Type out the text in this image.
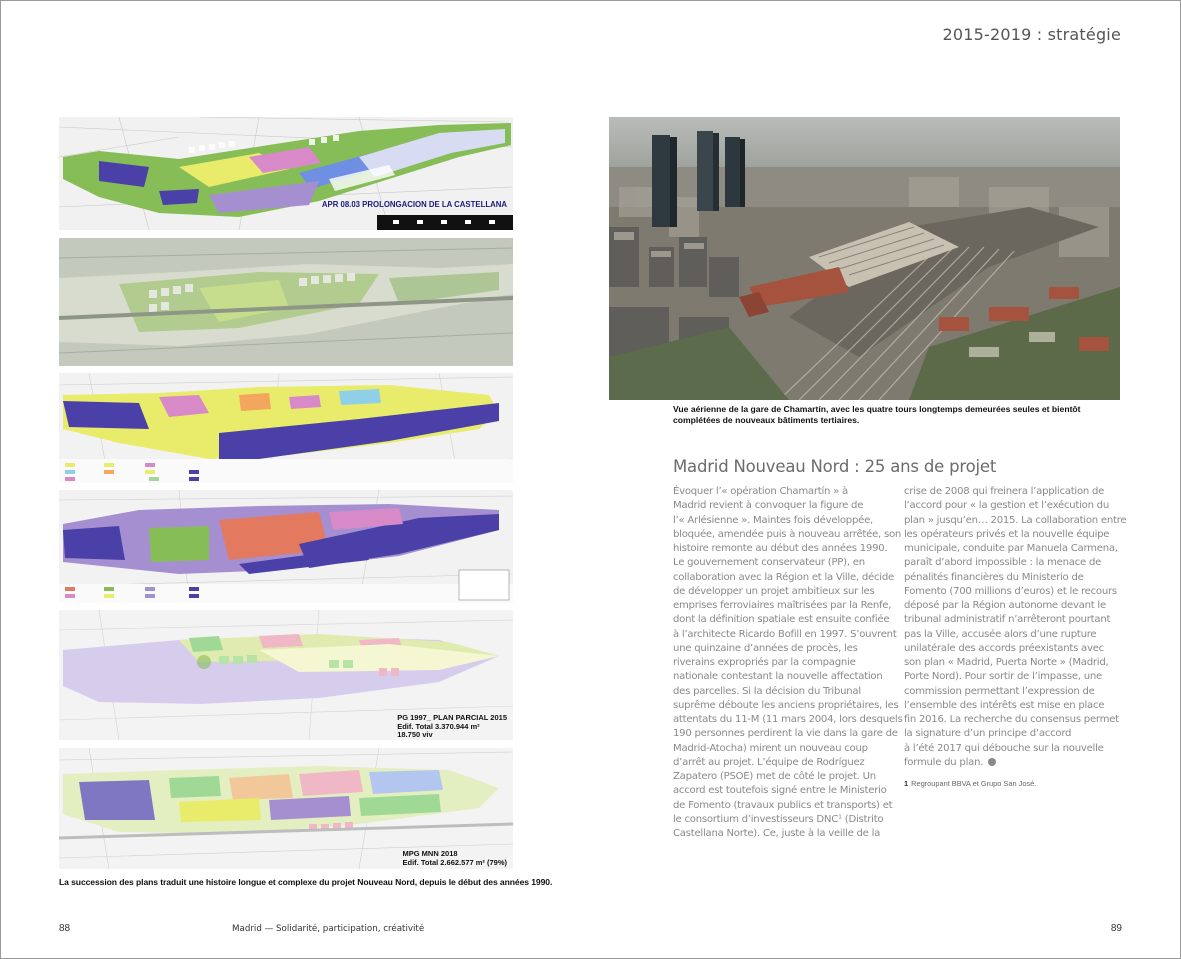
2015-2019 : stratégie
APR 08.03 PROLONGACION DE LA CASTELLANA
PG 1997_ PLAN PARCIAL 2015
Edif. Total 3.370.944 m²
18.750 viv
MPG MNN 2018
Edif. Total 2.662.577 m² (79%)
La succession des plans traduit une histoire longue et complexe du projet Nouveau Nord, depuis le début des années 1990.
Vue aérienne de la gare de Chamartín, avec les quatre tours longtemps demeurées seules et bientôt complétées de nouveaux bâtiments tertiaires.
Madrid Nouveau Nord : 25 ans de projet

Évoquer l’« opération Chamartín » à

Madrid revient à convoquer la figure de

l’« Arlésienne ». Maintes fois développée,

bloquée, amendée puis à nouveau arrêtée, son

histoire remonte au début des années 1990.

Le gouvernement conservateur (PP), en

collaboration avec la Région et la Ville, décide

de développer un projet ambitieux sur les

emprises ferroviaires maîtrisées par la Renfe,

dont la définition spatiale est ensuite confiée

à l’architecte Ricardo Bofill en 1997. S’ouvrent

une quinzaine d’années de procès, les

riverains expropriés par la compagnie

nationale contestant la nouvelle affectation

des parcelles. Si la décision du Tribunal

suprême déboute les anciens propriétaires, les

attentats du 11-M (11 mars 2004, lors desquels

190 personnes perdirent la vie dans la gare de

Madrid-Atocha) mirent un nouveau coup

d’arrêt au projet. L’équipe de Rodríguez

Zapatero (PSOE) met de côté le projet. Un

accord est toutefois signé entre le Ministerio

de Fomento (travaux publics et transports) et

le consortium d’investisseurs DNC¹ (Distrito

Castellana Norte). Ce, juste à la veille de la

crise de 2008 qui freinera l’application de

l’accord pour « la gestion et l’exécution du

plan » jusqu’en… 2015. La collaboration entre

les opérateurs privés et la nouvelle équipe

municipale, conduite par Manuela Carmena,

paraît d’abord impossible : la menace de

pénalités financières du Ministerio de

Fomento (700 millions d’euros) et le recours

déposé par la Région autonome devant le

tribunal administratif n’arrêteront pourtant

pas la Ville, accusée alors d’une rupture

unilatérale des accords préexistants avec

son plan « Madrid, Puerta Norte » (Madrid,

Porte Nord). Pour sortir de l’impasse, une

commission permettant l’expression de

l’ensemble des intérêts est mise en place

fin 2016. La recherche du consensus permet

la signature d’un principe d’accord

à l’été 2017 qui débouche sur la nouvelle

formule du plan.

1 Regroupant BBVA et Grupo San José.
88	Madrid — Solidarité, participation, créativité	89
